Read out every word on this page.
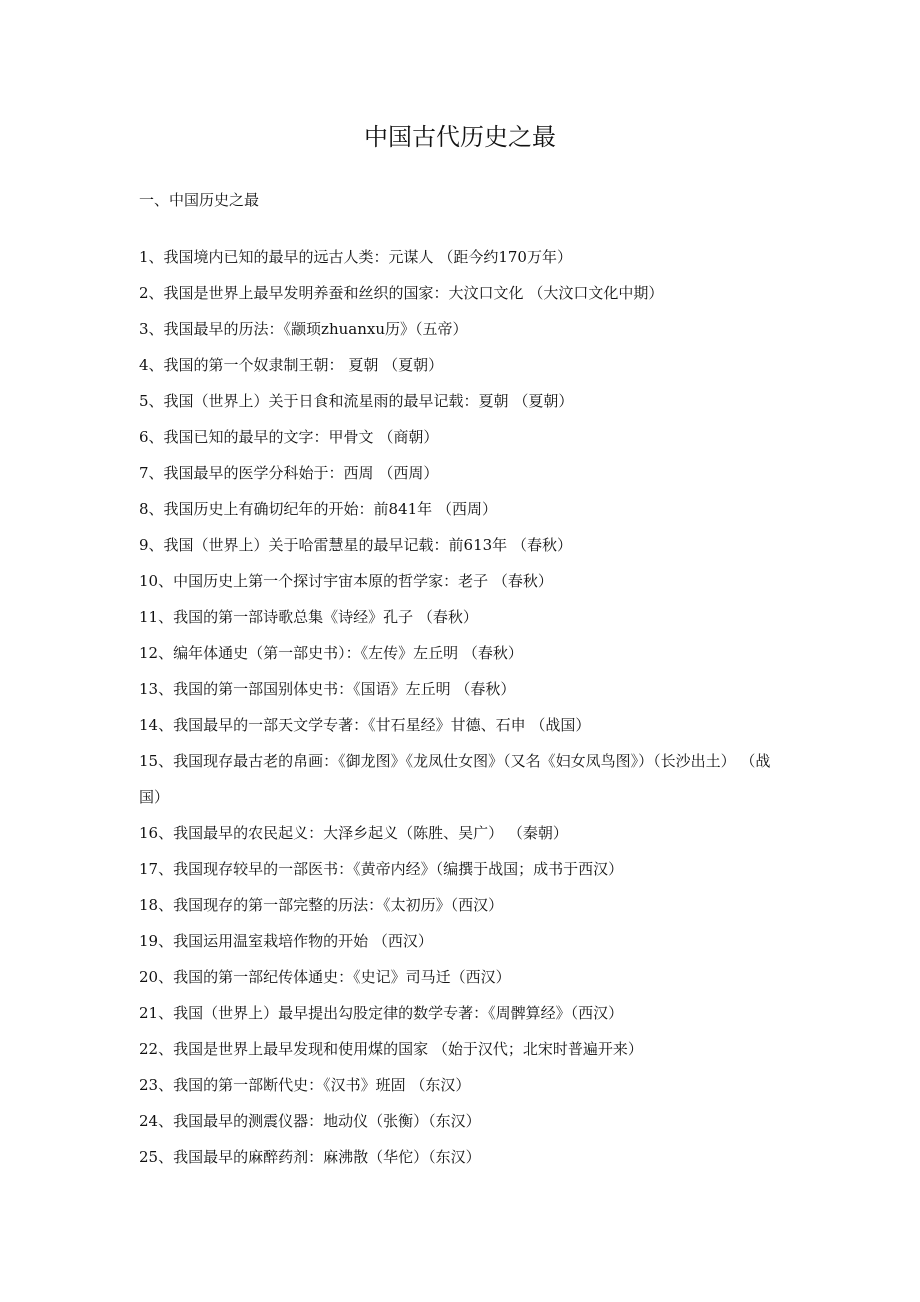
中国古代历史之最
一、中国历史之最
1、我国境内已知的最早的远古人类：元谋人 （距今约170万年）
2、我国是世界上最早发明养蚕和丝织的国家：大汶口文化 （大汶口文化中期）
3、我国最早的历法：《颛顼zhuanxu历》（五帝）
4、我国的第一个奴隶制王朝： 夏朝 （夏朝）
5、我国（世界上）关于日食和流星雨的最早记载：夏朝 （夏朝）
6、我国已知的最早的文字：甲骨文 （商朝）
7、我国最早的医学分科始于：西周 （西周）
8、我国历史上有确切纪年的开始：前841年 （西周）
9、我国（世界上）关于哈雷慧星的最早记载：前613年 （春秋）
10、中国历史上第一个探讨宇宙本原的哲学家：老子 （春秋）
11、我国的第一部诗歌总集《诗经》孔子 （春秋）
12、编年体通史（第一部史书）：《左传》左丘明 （春秋）
13、我国的第一部国别体史书：《国语》左丘明 （春秋）
14、我国最早的一部天文学专著：《甘石星经》甘德、石申 （战国）
15、我国现存最古老的帛画：《御龙图》《龙凤仕女图》（又名《妇女凤鸟图》）（长沙出土） （战国）
16、我国最早的农民起义：大泽乡起义（陈胜、吴广） （秦朝）
17、我国现存较早的一部医书：《黄帝内经》（编撰于战国；成书于西汉）
18、我国现存的第一部完整的历法：《太初历》（西汉）
19、我国运用温室栽培作物的开始 （西汉）
20、我国的第一部纪传体通史：《史记》司马迁（西汉）
21、我国（世界上）最早提出勾股定律的数学专著：《周髀算经》（西汉）
22、我国是世界上最早发现和使用煤的国家 （始于汉代；北宋时普遍开来）
23、我国的第一部断代史：《汉书》班固 （东汉）
24、我国最早的测震仪器：地动仪（张衡）（东汉）
25、我国最早的麻醉药剂：麻沸散（华佗）（东汉）
